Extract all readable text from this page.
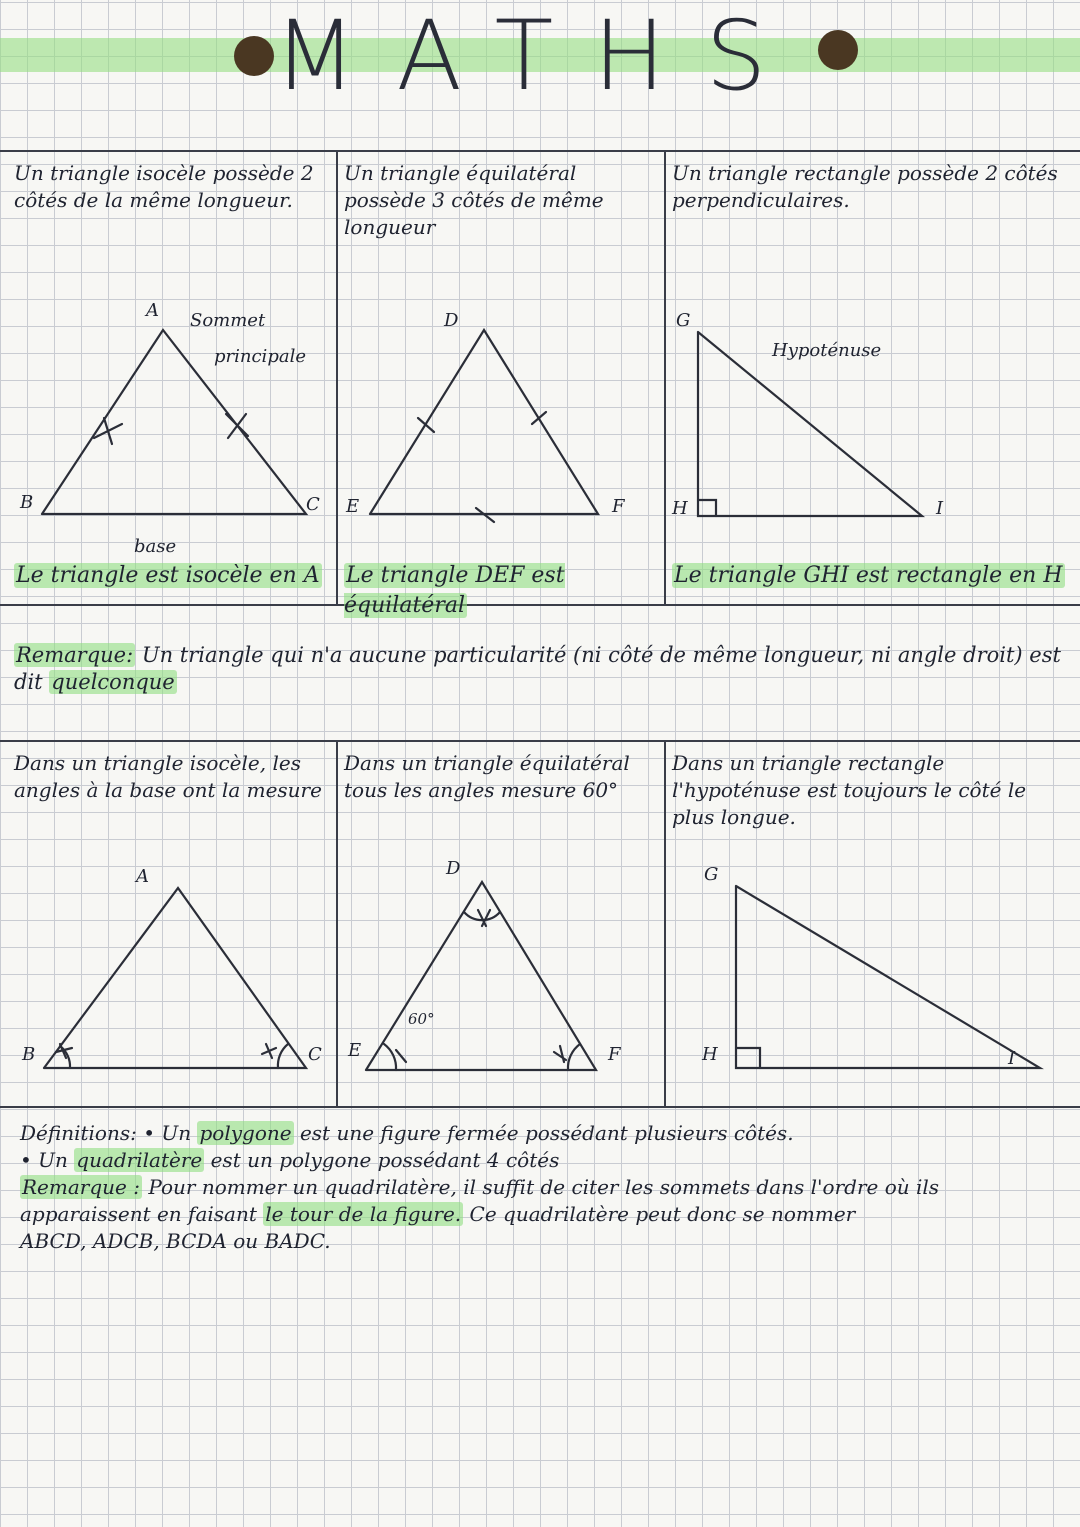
MATHS
Un triangle isocèle possède 2 côtés de la même longueur.
Un triangle équilatéral possède 3 côtés de même longueur
Un triangle rectangle possède 2 côtés perpendiculaires.
A Sommet
principale
B	C
base
D
E	F
G
Hypoténuse
H	I
Le triangle est isocèle en A	Le triangle DEF est équilatéral
Le triangle GHI est rectangle en H
Remarque: Un triangle qui n'a aucune particularité (ni côté de même longueur, ni angle droit) est dit quelconque
Dans un triangle isocèle, les angles à la base ont la mesure
Dans un triangle équilatéral tous les angles mesure 60°
Dans un triangle rectangle l'hypoténuse est toujours le côté le plus longue.
A
B	C
D
E	F
60°
G
H	I
Définitions: • Un polygone est une figure fermée possédant plusieurs côtés.
• Un quadrilatère est un polygone possédant 4 côtés
Remarque : Pour nommer un quadrilatère, il suffit de citer les sommets dans l'ordre où ils apparaissent en faisant le tour de la figure. Ce quadrilatère peut donc se nommer
ABCD, ADCB, BCDA ou BADC.
